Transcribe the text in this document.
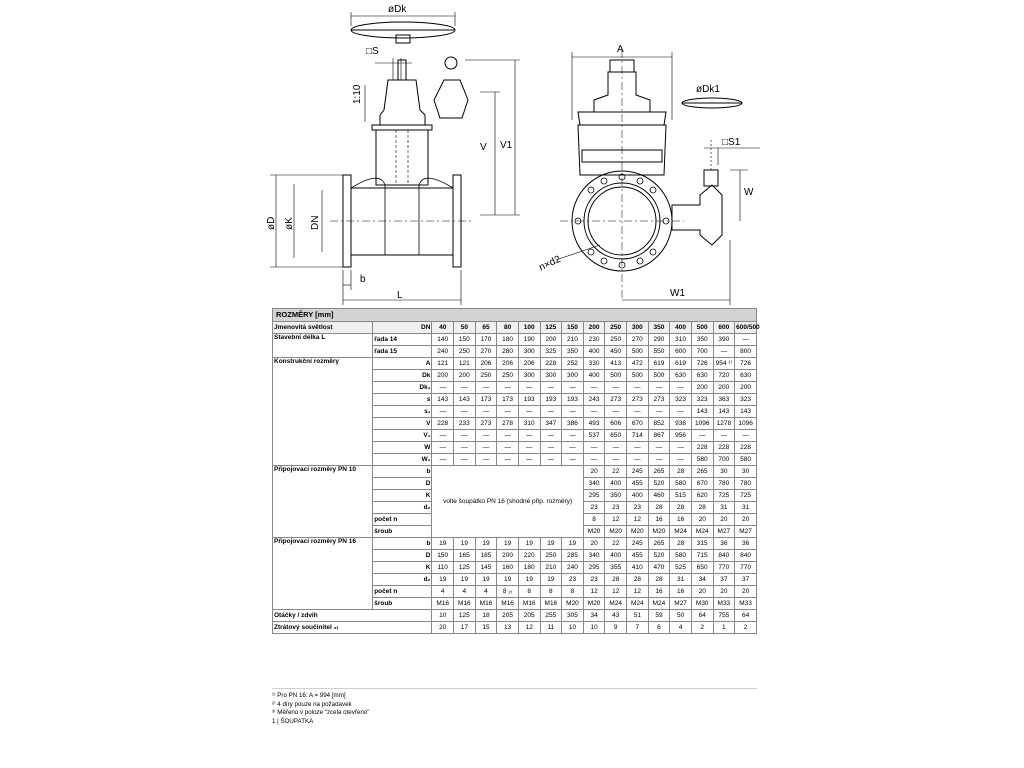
øDk
□S
1:10
V V1
øD øK DN
b
L
A
øDk1
□S1
W
n×d2
W1
ROZMĚRY [mm]
Jmenovitá světlost	DN	40	50	65	80	100	125	150	200	250	300	350	400	500	600	600/500
Stavební délka L	řada 14	140	150	170	180	190	200	210	230	250	270	290	310	350	390	—
	řada 15	240	250	270	280	300	325	350	400	450	500	550	600	700	—	800
Konstrukční rozměry	A	121	121	206	206	206	228	252	330	413	472	619	619	726	954 ¹⁾	726
	Dk	200	200	250	250	300	300	300	400	500	500	500	630	630	720	630
	Dk₁	—	—	—	—	—	—	—	—	—	—	—	—	200	200	200
	s	143	143	173	173	193	193	193	243	273	273	273	323	323	363	323
	s₁	—	—	—	—	—	—	—	—	—	—	—	—	143	143	143
	V	228	233	273	278	310	347	386	493	606	670	852	936	1096	1278	1096
	V₁	—	—	—	—	—	—	—	537	650	714	867	956	—	—	—
	W	—	—	—	—	—	—	—	—	—	—	—	—	228	228	228
	W₁	—	—	—	—	—	—	—	—	—	—	—	—	580	700	580
Připojovací rozměry PN 10	b	volte šoupátko PN 16 (shodné přip. rozměry)							20	22	245	265	28	265	30	30
	D								340	400	455	520	580	670	780	780
	K								295	350	400	460	515	620	725	725
	d₂								23	23	23	28	28	28	31	31
	počet n								8	12	12	16	16	20	20	20
	šroub								M20	M20	M20	M20	M24	M24	M27	M27
Připojovací rozměry PN 16	b	19	19	19	19	19	19	19	20	22	245	265	28	315	36	36
	D	150	165	185	200	220	250	285	340	400	455	520	580	715	840	840
	K	110	125	145	160	180	210	240	295	355	410	470	525	650	770	770
	d₂	19	19	19	19	19	19	23	23	28	28	28	31	34	37	37
	počet n	4	4	4	8 ₂₎	8	8	8	12	12	12	16	16	20	20	20
	šroub	M16	M16	M16	M16	M16	M16	M20	M20	M24	M24	M24	M27	M30	M33	M33
Otáčky / zdvih		10	125	18	205	205	255	305	34	43	51	59	50	64	755	64
Ztrátový součinitel ₃₎		20	17	15	13	12	11	10	10	9	7	6	4	2	1	2
¹⁾ Pro PN 16: A = 994 [mm]
²⁾ 4 díry pouze na požadavek
³⁾ Měřeno v poloze "zcela otevřeno"
1 | ŠOUPATKA
